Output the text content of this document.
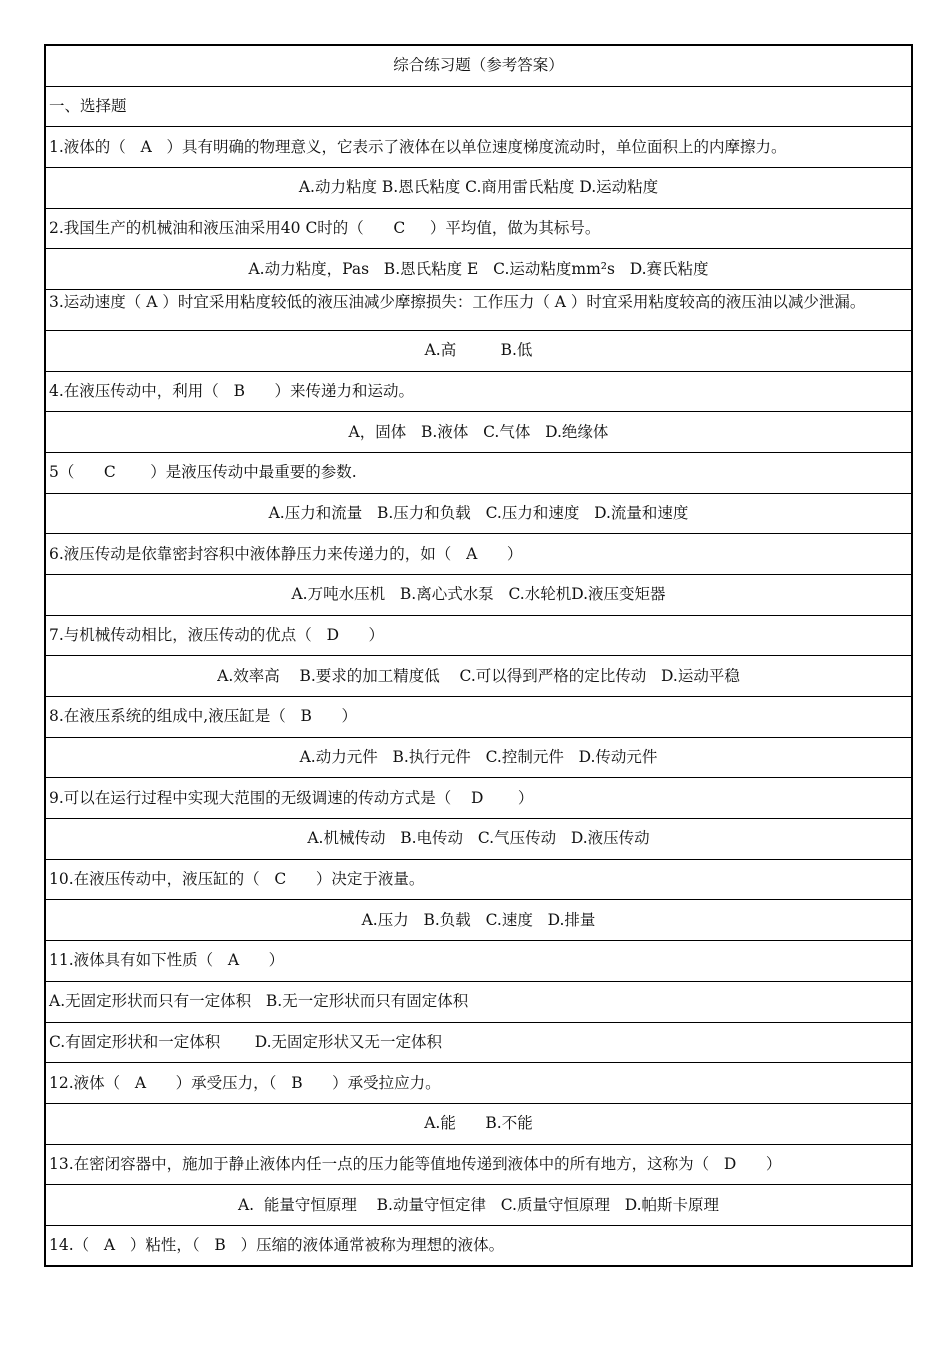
综合练习题（参考答案）
一、选择题
1.液体的（   A   ）具有明确的物理意义，它表示了液体在以单位速度梯度流动时，单位面积上的内摩擦力。
A.动力粘度 B.恩氏粘度 C.商用雷氏粘度 D.运动粘度
2.我国生产的机械油和液压油采用40 C时的（      C     ）平均值，做为其标号。
A.动力粘度，Pas   B.恩氏粘度 E   C.运动粘度mm²s   D.赛氏粘度
3.运动速度（ A ）时宜采用粘度较低的液压油减少摩擦损失：工作压力（ A ）时宜采用粘度较高的液压油以减少泄漏。
A.高         B.低
4.在液压传动中，利用（   B      ）来传递力和运动。
A，固体   B.液体   C.气体   D.绝缘体
5（      C       ）是液压传动中最重要的参数.
A.压力和流量   B.压力和负载   C.压力和速度   D.流量和速度
6.液压传动是依靠密封容积中液体静压力来传递力的，如（   A      ）
A.万吨水压机   B.离心式水泵   C.水轮机D.液压变矩器
7.与机械传动相比，液压传动的优点（   D      ）
A.效率高    B.要求的加工精度低    C.可以得到严格的定比传动   D.运动平稳
8.在液压系统的组成中,液压缸是（   B      ）
A.动力元件   B.执行元件   C.控制元件   D.传动元件
9.可以在运行过程中实现大范围的无级调速的传动方式是（    D       ）
A.机械传动   B.电传动   C.气压传动   D.液压传动
10.在液压传动中，液压缸的（   C      ）决定于液量。
A.压力   B.负载   C.速度   D.排量
11.液体具有如下性质（   A      ）
A.无固定形状而只有一定体积   B.无一定形状而只有固定体积
C.有固定形状和一定体积       D.无固定形状又无一定体积
12.液体（   A      ）承受压力，（   B      ）承受拉应力。
A.能      B.不能
13.在密闭容器中，施加于静止液体内任一点的压力能等值地传递到液体中的所有地方，这称为（   D      ）
A.  能量守恒原理    B.动量守恒定律   C.质量守恒原理   D.帕斯卡原理
14.（   A   ）粘性，（   B   ）压缩的液体通常被称为理想的液体。
